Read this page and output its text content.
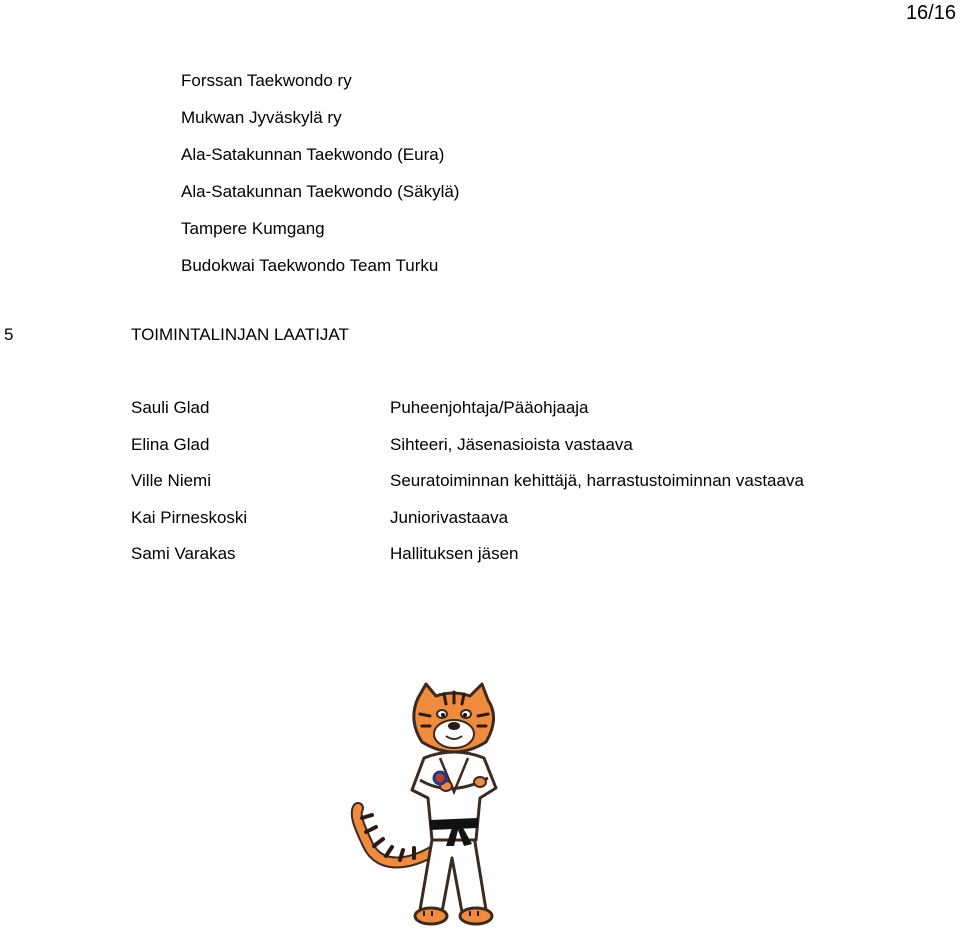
16/16
Forssan Taekwondo ry
Mukwan Jyväskylä ry
Ala-Satakunnan Taekwondo (Eura)
Ala-Satakunnan Taekwondo (Säkylä)
Tampere Kumgang
Budokwai Taekwondo Team Turku
5	TOIMINTALINJAN LAATIJAT
Sauli Glad	Puheenjohtaja/Pääohjaaja
Elina Glad	Sihteeri, Jäsenasioista vastaava
Ville Niemi	Seuratoiminnan kehittäjä, harrastustoiminnan vastaava
Kai Pirneskoski	Juniorivastaava
Sami Varakas	Hallituksen jäsen
